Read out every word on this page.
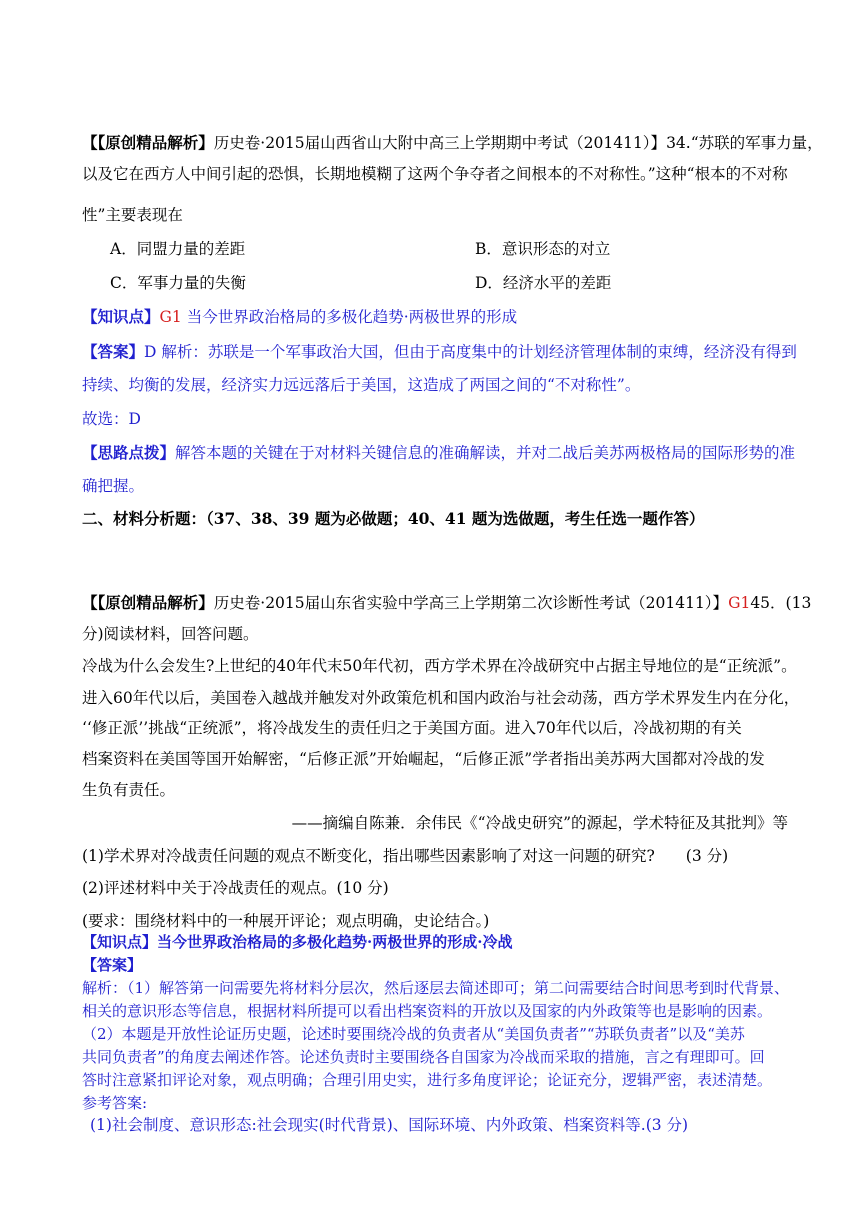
【【原创精品解析】历史卷·2015届山西省山大附中高三上学期期中考试（201411）】34.“苏联的军事力量，
以及它在西方人中间引起的恐惧，长期地模糊了这两个争夺者之间根本的不对称性。”这种“根本的不对称
性”主要表现在
A．同盟力量的差距	B．意识形态的对立
C．军事力量的失衡	D．经济水平的差距
【知识点】G1 当今世界政治格局的多极化趋势·两极世界的形成
【答案】D 解析：苏联是一个军事政治大国，但由于高度集中的计划经济管理体制的束缚，经济没有得到
持续、均衡的发展，经济实力远远落后于美国，这造成了两国之间的“不对称性”。
故选：D
【思路点拨】解答本题的关键在于对材料关键信息的准确解读，并对二战后美苏两极格局的国际形势的准
确把握。
二、材料分析题：（37、38、39 题为必做题；40、41 题为选做题，考生任选一题作答）
【【原创精品解析】历史卷·2015届山东省实验中学高三上学期第二次诊断性考试（201411）】G145．(13
分)阅读材料，回答问题。
冷战为什么会发生?上世纪的40年代末50年代初，西方学术界在冷战研究中占据主导地位的是“正统派”。
进入60年代以后，美国卷入越战并触发对外政策危机和国内政治与社会动荡，西方学术界发生内在分化，
‘‘修正派’’挑战“正统派”，将冷战发生的责任归之于美国方面。进入70年代以后，冷战初期的有关
档案资料在美国等国开始解密，“后修正派”开始崛起，“后修正派”学者指出美苏两大国都对冷战的发
生负有责任。
——摘编自陈兼．余伟民《“冷战史研究”的源起，学术特征及其批判》等
(1)学术界对冷战责任问题的观点不断变化，指出哪些因素影响了对这一问题的研究?　　(3 分)
(2)评述材料中关于冷战责任的观点。(10 分)
(要求：围绕材料中的一种展开评论；观点明确，史论结合。)
【知识点】当今世界政治格局的多极化趋势·两极世界的形成·冷战
【答案】
解析：（1）解答第一问需要先将材料分层次，然后逐层去简述即可；第二问需要结合时间思考到时代背景、
相关的意识形态等信息，根据材料所提可以看出档案资料的开放以及国家的内外政策等也是影响的因素。
（2）本题是开放性论证历史题，论述时要围绕冷战的负责者从“美国负责者”“苏联负责者”以及“美苏
共同负责者”的角度去阐述作答。论述负责时主要围绕各自国家为冷战而采取的措施，言之有理即可。回
答时注意紧扣评论对象，观点明确；合理引用史实，进行多角度评论；论证充分，逻辑严密，表述清楚。
参考答案:
(1)社会制度、意识形态:社会现实(时代背景)、国际环境、内外政策、档案资料等.(3 分)
